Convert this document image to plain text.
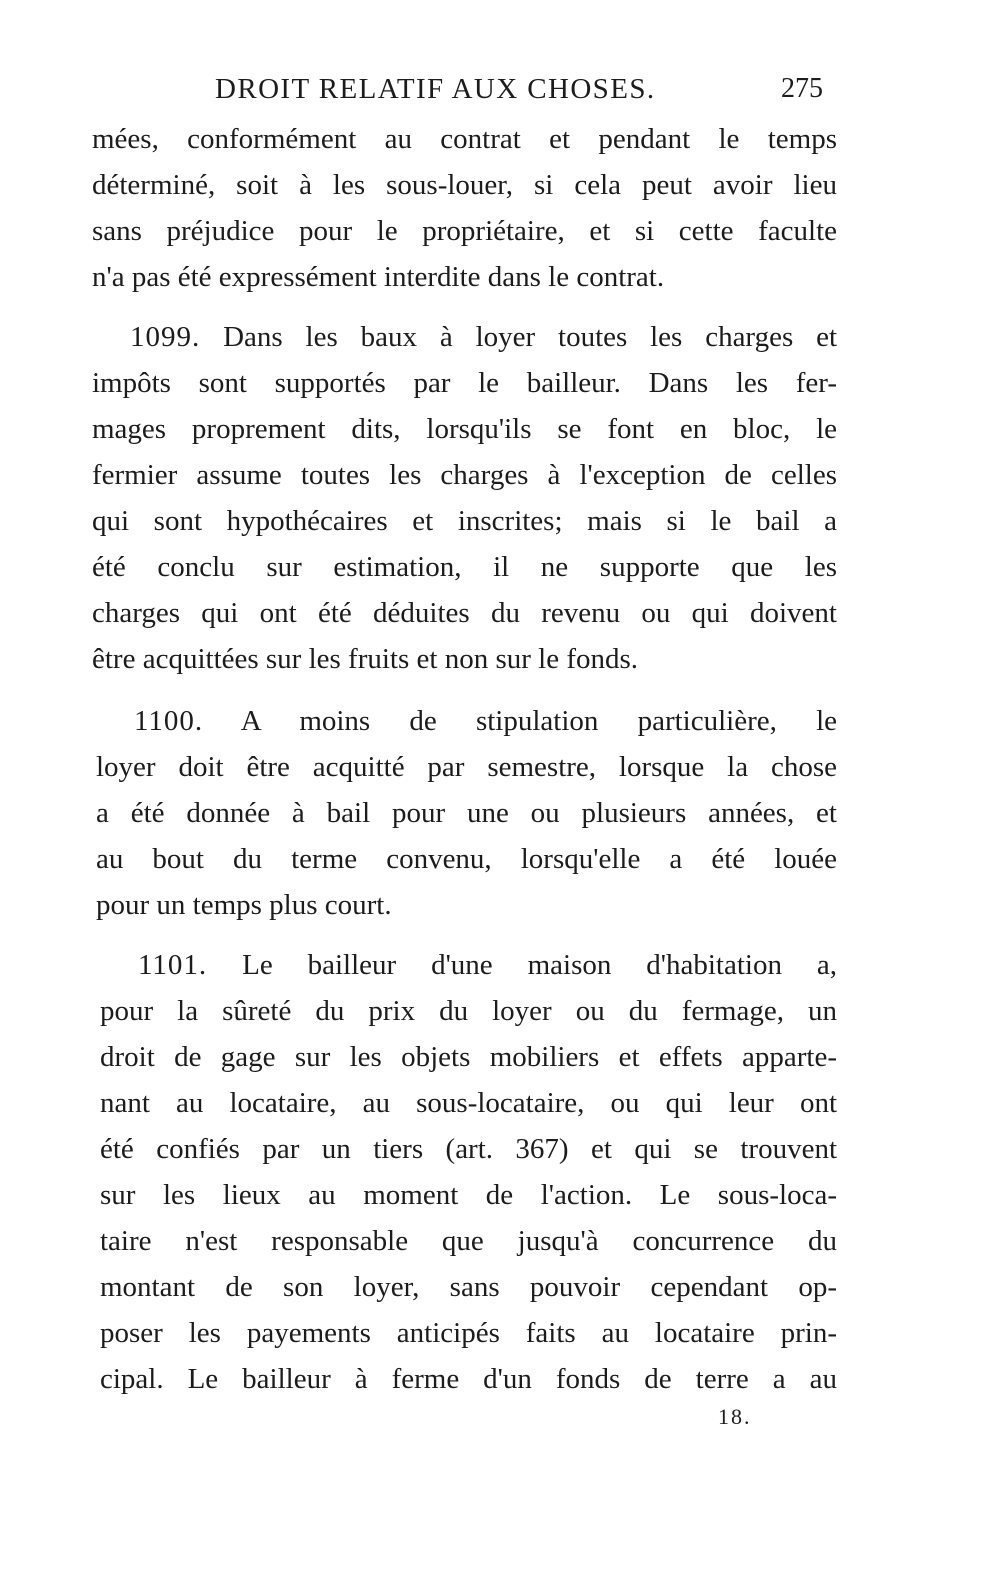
DROIT RELATIF AUX CHOSES.	275
mées, conformément au contrat et pendant le temps
déterminé, soit à les sous-louer, si cela peut avoir lieu
sans préjudice pour le propriétaire, et si cette faculte
n'a pas été expressément interdite dans le contrat.
1099. Dans les baux à loyer toutes les charges et
impôts sont supportés par le bailleur. Dans les fer-
mages proprement dits, lorsqu'ils se font en bloc, le
fermier assume toutes les charges à l'exception de celles
qui sont hypothécaires et inscrites; mais si le bail a
été conclu sur estimation, il ne supporte que les
charges qui ont été déduites du revenu ou qui doivent
être acquittées sur les fruits et non sur le fonds.
1100. A moins de stipulation particulière, le
loyer doit être acquitté par semestre, lorsque la chose
a été donnée à bail pour une ou plusieurs années, et
au bout du terme convenu, lorsqu'elle a été louée
pour un temps plus court.
1101. Le bailleur d'une maison d'habitation a,
pour la sûreté du prix du loyer ou du fermage, un
droit de gage sur les objets mobiliers et effets apparte-
nant au locataire, au sous-locataire, ou qui leur ont
été confiés par un tiers (art. 367) et qui se trouvent
sur les lieux au moment de l'action. Le sous-loca-
taire n'est responsable que jusqu'à concurrence du
montant de son loyer, sans pouvoir cependant op-
poser les payements anticipés faits au locataire prin-
cipal. Le bailleur à ferme d'un fonds de terre a au
18.
